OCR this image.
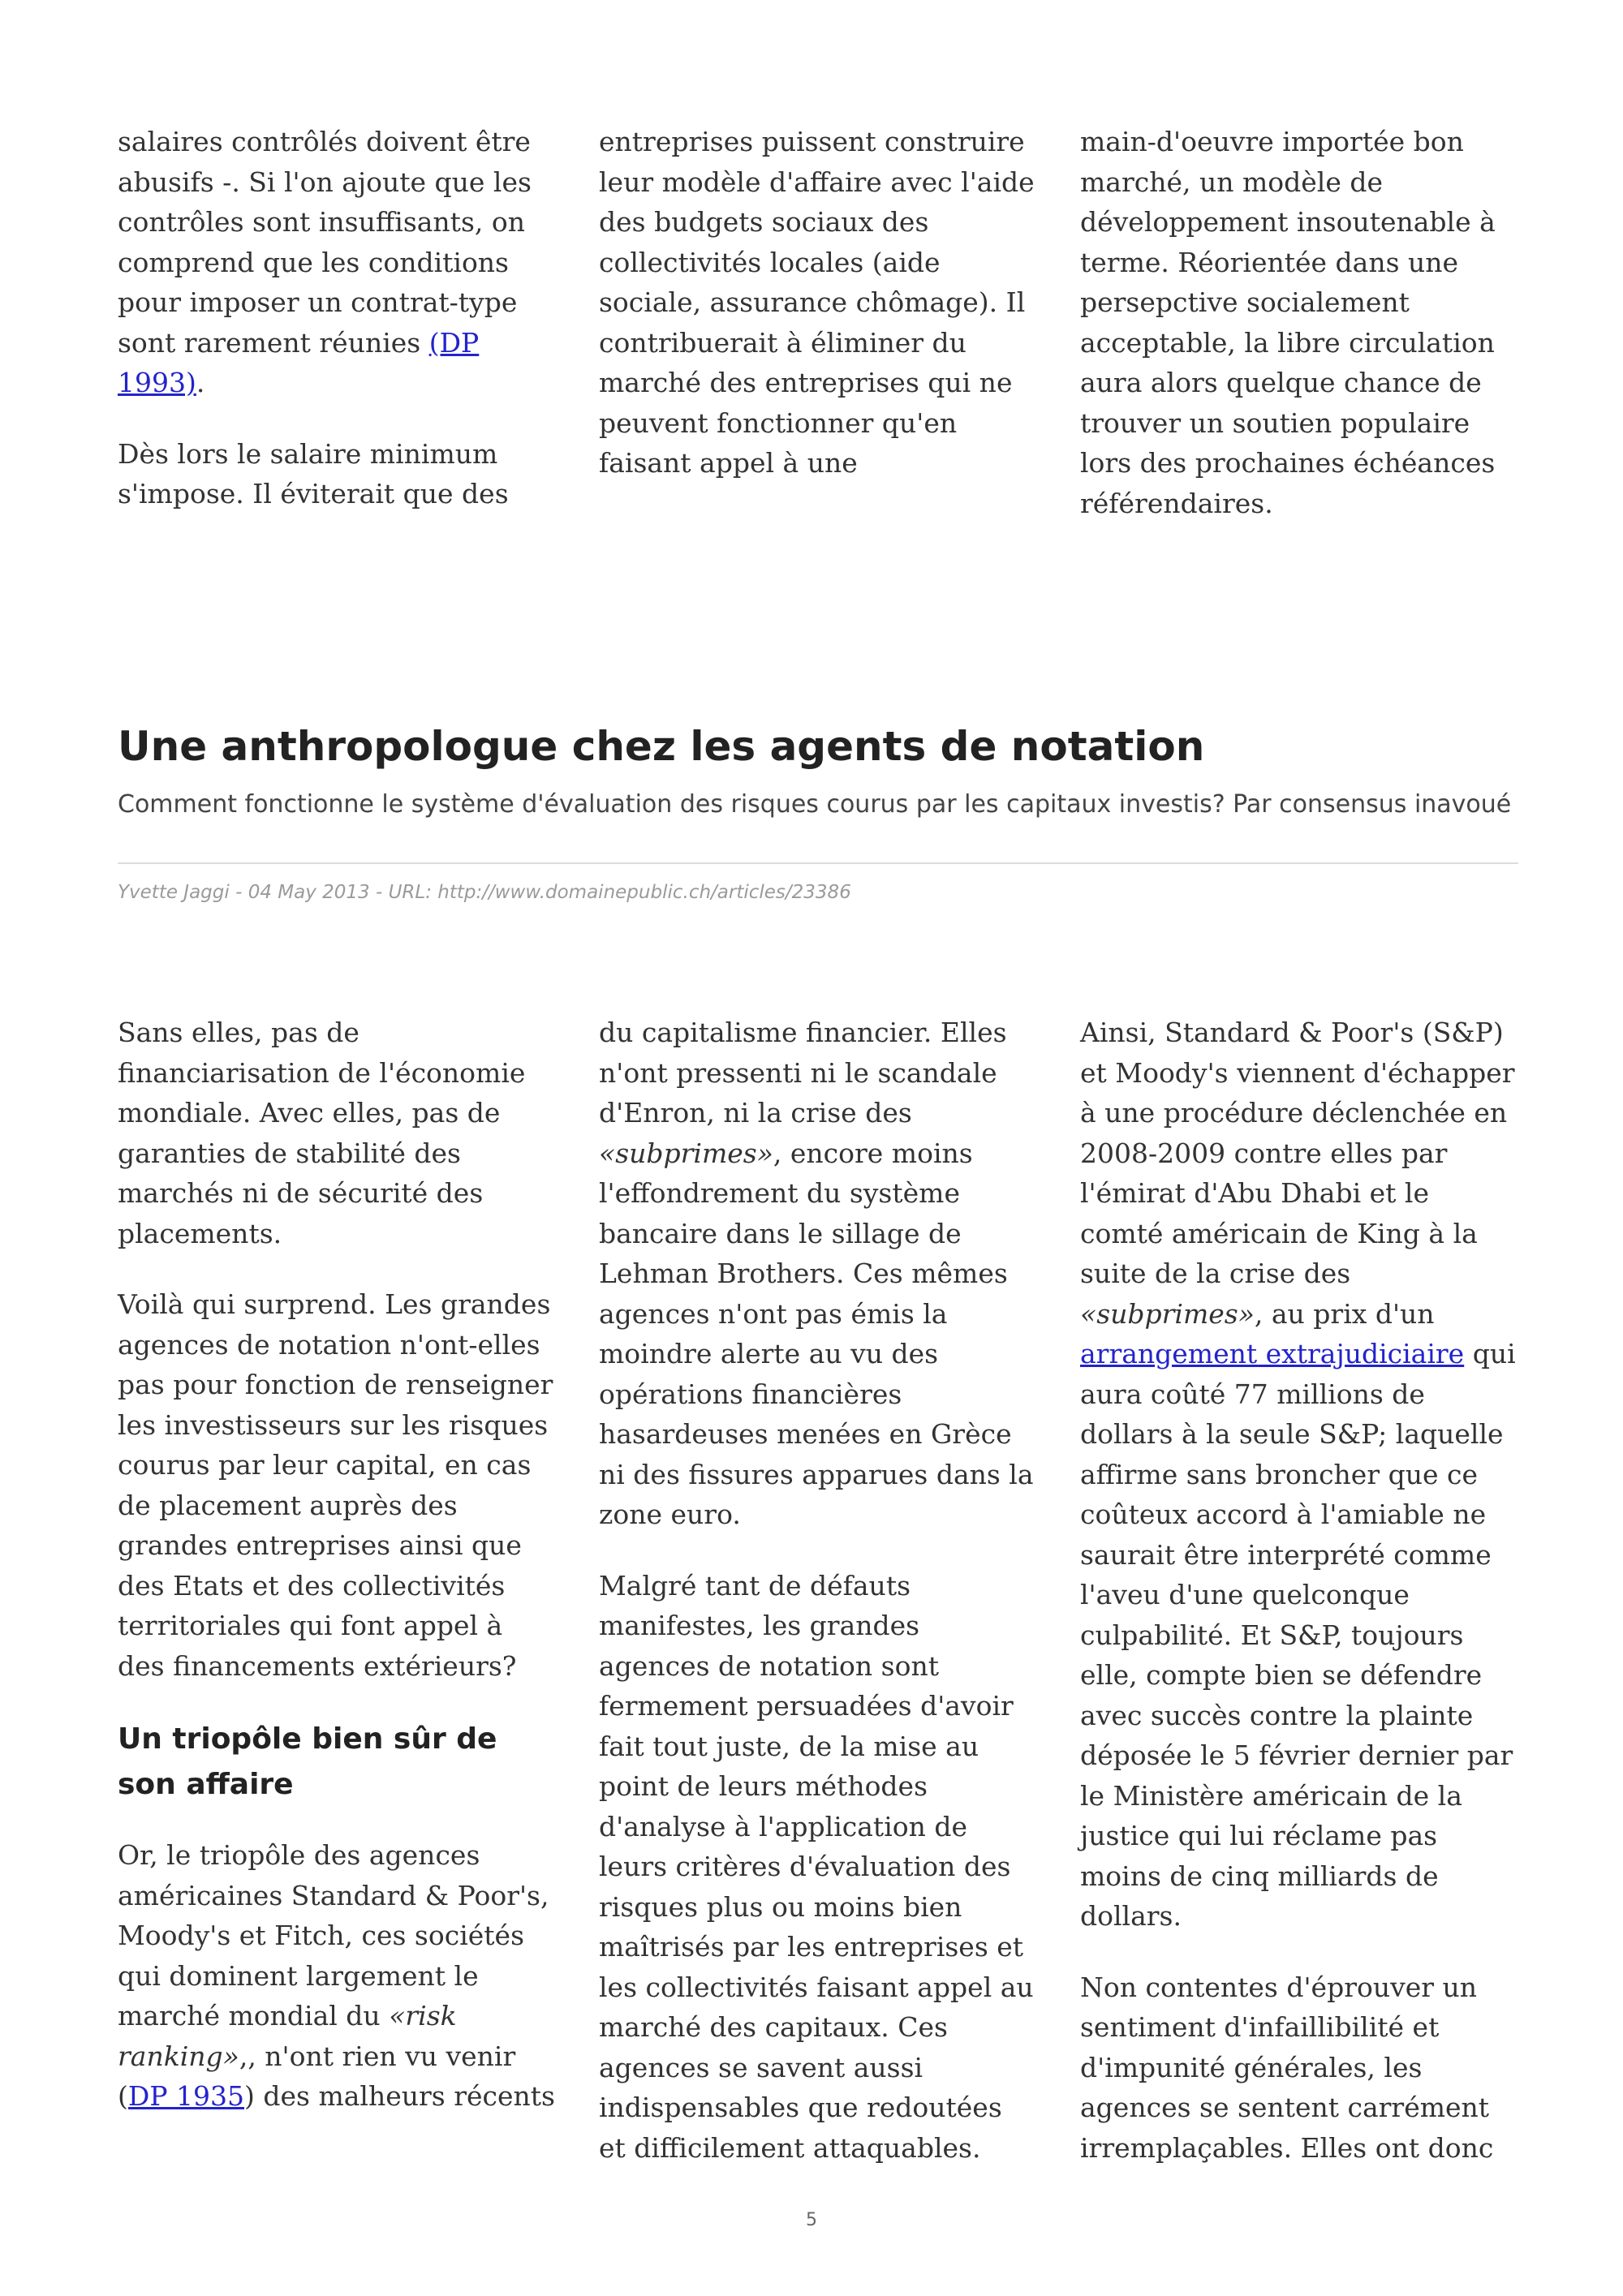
salaires contrôlés doivent être abusifs -. Si l'on ajoute que les contrôles sont insuffisants, on comprend que les conditions pour imposer un contrat-type sont rarement réunies (DP 1993).

Dès lors le salaire minimum s'impose. Il éviterait que des

entreprises puissent construire leur modèle d'affaire avec l'aide des budgets sociaux des collectivités locales (aide sociale, assurance chômage). Il contribuerait à éliminer du marché des entreprises qui ne peuvent fonctionner qu'en faisant appel à une

main-d'oeuvre importée bon marché, un modèle de développement insoutenable à terme. Réorientée dans une persepctive socialement acceptable, la libre circulation aura alors quelque chance de trouver un soutien populaire lors des prochaines échéances référendaires.

Une anthropologue chez les agents de notation

Comment fonctionne le système d'évaluation des risques courus par les capitaux investis? Par consensus inavoué

Yvette Jaggi - 04 May 2013 - URL: http://www.domainepublic.ch/articles/23386

Sans elles, pas de financiarisation de l'économie mondiale. Avec elles, pas de garanties de stabilité des marchés ni de sécurité des placements.

Voilà qui surprend. Les grandes agences de notation n'ont-elles pas pour fonction de renseigner les investisseurs sur les risques courus par leur capital, en cas de placement auprès des grandes entreprises ainsi que des Etats et des collectivités territoriales qui font appel à des financements extérieurs?

Un triopôle bien sûr de son affaire

Or, le triopôle des agences américaines Standard & Poor's, Moody's et Fitch, ces sociétés qui dominent largement le marché mondial du «risk ranking»,, n'ont rien vu venir (DP 1935) des malheurs récents

du capitalisme financier. Elles n'ont pressenti ni le scandale d'Enron, ni la crise des «subprimes», encore moins l'effondrement du système bancaire dans le sillage de Lehman Brothers. Ces mêmes agences n'ont pas émis la moindre alerte au vu des opérations financières hasardeuses menées en Grèce ni des fissures apparues dans la zone euro.

Malgré tant de défauts manifestes, les grandes agences de notation sont fermement persuadées d'avoir fait tout juste, de la mise au point de leurs méthodes d'analyse à l'application de leurs critères d'évaluation des risques plus ou moins bien maîtrisés par les entreprises et les collectivités faisant appel au marché des capitaux. Ces agences se savent aussi indispensables que redoutées et difficilement attaquables.

Ainsi, Standard & Poor's (S&P) et Moody's viennent d'échapper à une procédure déclenchée en 2008-2009 contre elles par l'émirat d'Abu Dhabi et le comté américain de King à la suite de la crise des «subprimes», au prix d'un arrangement extrajudiciaire qui aura coûté 77 millions de dollars à la seule S&P; laquelle affirme sans broncher que ce coûteux accord à l'amiable ne saurait être interprété comme l'aveu d'une quelconque culpabilité. Et S&P, toujours elle, compte bien se défendre avec succès contre la plainte déposée le 5 février dernier par le Ministère américain de la justice qui lui réclame pas moins de cinq milliards de dollars.

Non contentes d'éprouver un sentiment d'infaillibilité et d'impunité générales, les agences se sentent carrément irremplaçables. Elles ont donc

5
